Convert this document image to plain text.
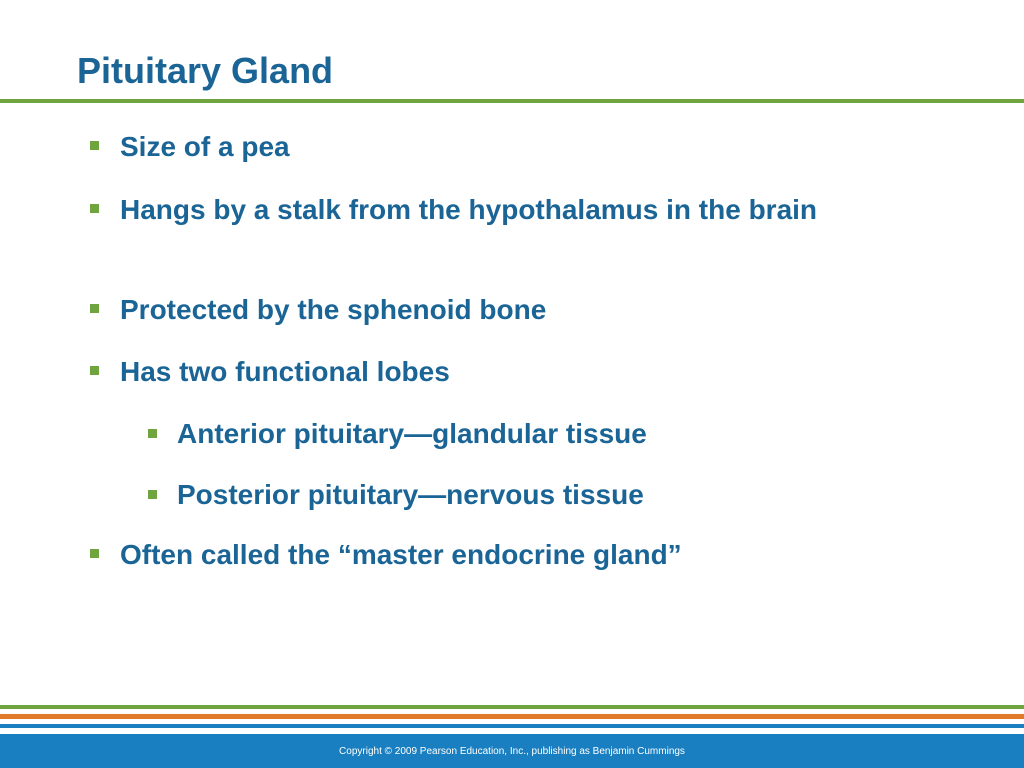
Pituitary Gland
Size of a pea
Hangs by a stalk from the hypothalamus in the brain
Protected by the sphenoid bone
Has two functional lobes
Anterior pituitary—glandular tissue
Posterior pituitary—nervous tissue
Often called the “master endocrine gland”
Copyright © 2009 Pearson Education, Inc., publishing as Benjamin Cummings
